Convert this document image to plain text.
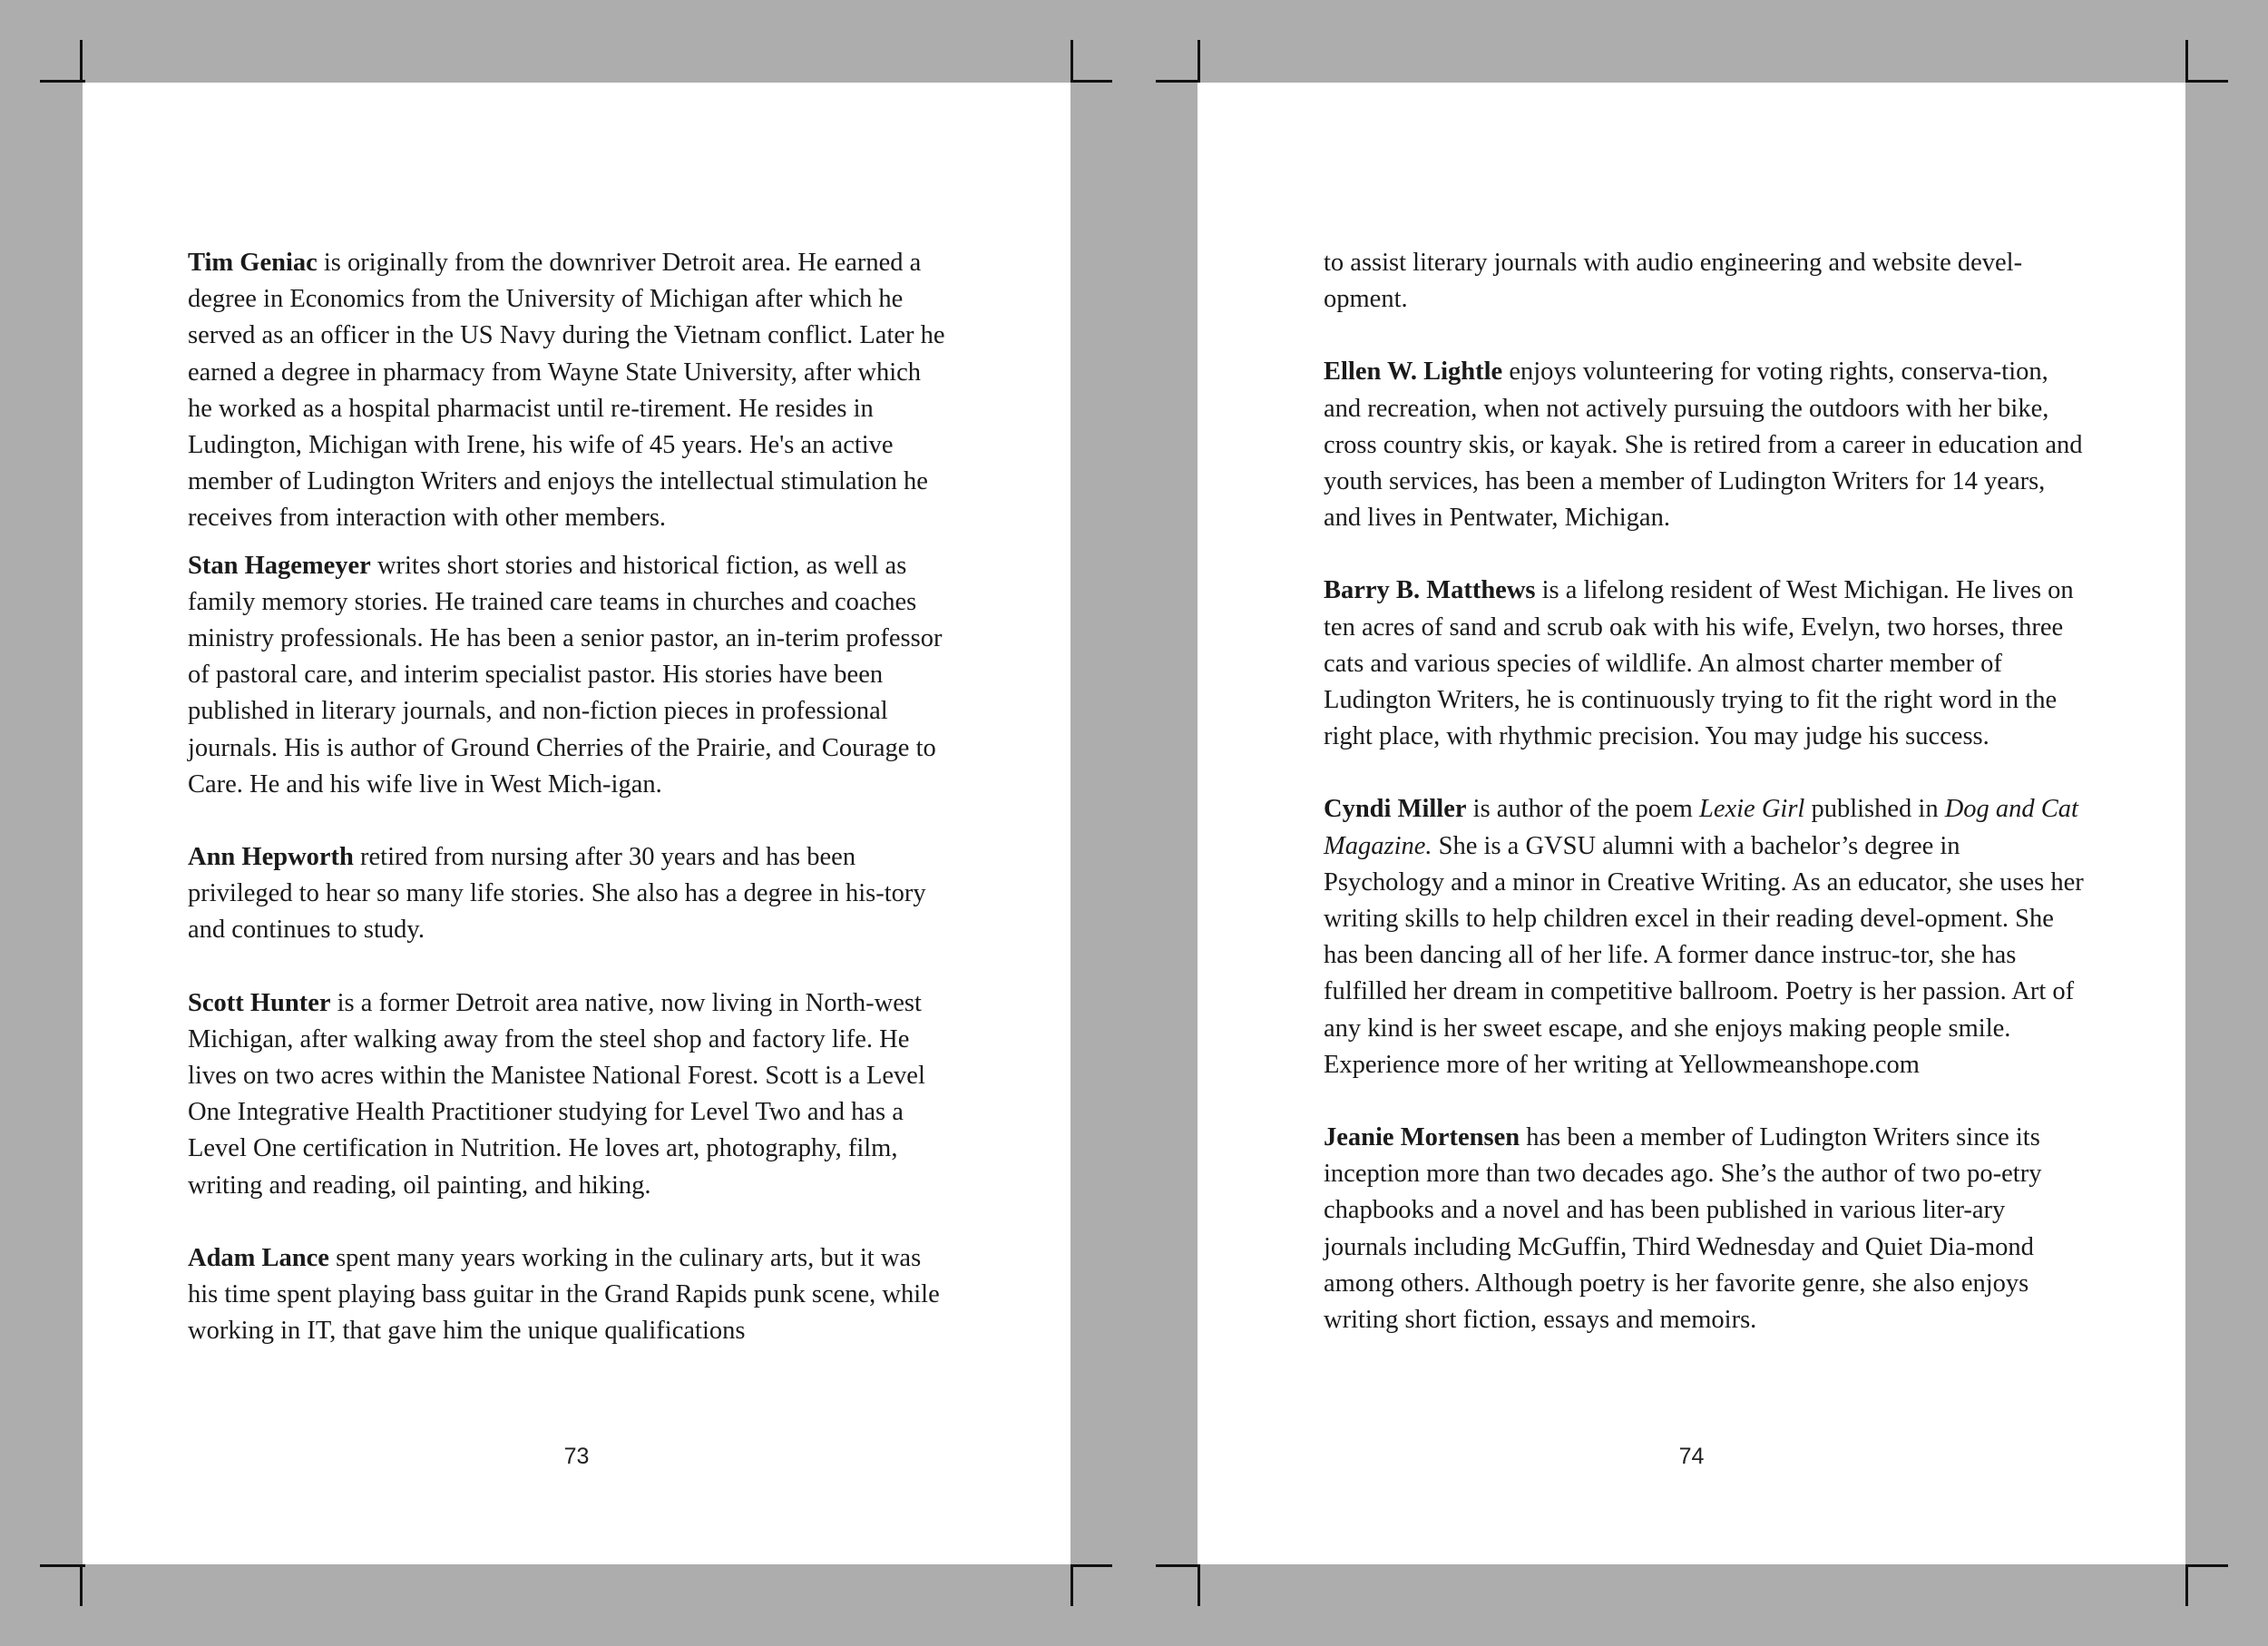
Tim Geniac is originally from the downriver Detroit area. He earned a degree in Economics from the University of Michigan after which he served as an officer in the US Navy during the Vietnam conflict. Later he earned a degree in pharmacy from Wayne State University, after which he worked as a hospital pharmacist until re-tirement. He resides in Ludington, Michigan with Irene, his wife of 45 years. He's an active member of Ludington Writers and enjoys the intellectual stimulation he receives from interaction with other members.

Stan Hagemeyer writes short stories and historical fiction, as well as family memory stories. He trained care teams in churches and coaches ministry professionals. He has been a senior pastor, an in-terim professor of pastoral care, and interim specialist pastor. His stories have been published in literary journals, and non-fiction pieces in professional journals. His is author of Ground Cherries of the Prairie, and Courage to Care. He and his wife live in West Mich-igan.

Ann Hepworth retired from nursing after 30 years and has been privileged to hear so many life stories. She also has a degree in his-tory and continues to study.

Scott Hunter is a former Detroit area native, now living in North-west Michigan, after walking away from the steel shop and factory life. He lives on two acres within the Manistee National Forest. Scott is a Level One Integrative Health Practitioner studying for Level Two and has a Level One certification in Nutrition. He loves art, photography, film, writing and reading, oil painting, and hiking.

Adam Lance spent many years working in the culinary arts, but it was his time spent playing bass guitar in the Grand Rapids punk scene, while working in IT, that gave him the unique qualifications

73

to assist literary journals with audio engineering and website devel-opment.

Ellen W. Lightle enjoys volunteering for voting rights, conserva-tion, and recreation, when not actively pursuing the outdoors with her bike, cross country skis, or kayak. She is retired from a career in education and youth services, has been a member of Ludington Writers for 14 years, and lives in Pentwater, Michigan.

Barry B. Matthews is a lifelong resident of West Michigan. He lives on ten acres of sand and scrub oak with his wife, Evelyn, two horses, three cats and various species of wildlife. An almost charter member of Ludington Writers, he is continuously trying to fit the right word in the right place, with rhythmic precision. You may judge his success.

Cyndi Miller is author of the poem Lexie Girl published in Dog and Cat Magazine. She is a GVSU alumni with a bachelor’s degree in Psychology and a minor in Creative Writing. As an educator, she uses her writing skills to help children excel in their reading devel-opment. She has been dancing all of her life. A former dance instruc-tor, she has fulfilled her dream in competitive ballroom. Poetry is her passion. Art of any kind is her sweet escape, and she enjoys making people smile. Experience more of her writing at Yellowmeanshope.com

Jeanie Mortensen has been a member of Ludington Writers since its inception more than two decades ago. She’s the author of two po-etry chapbooks and a novel and has been published in various liter-ary journals including McGuffin, Third Wednesday and Quiet Dia-mond among others. Although poetry is her favorite genre, she also enjoys writing short fiction, essays and memoirs.

74
